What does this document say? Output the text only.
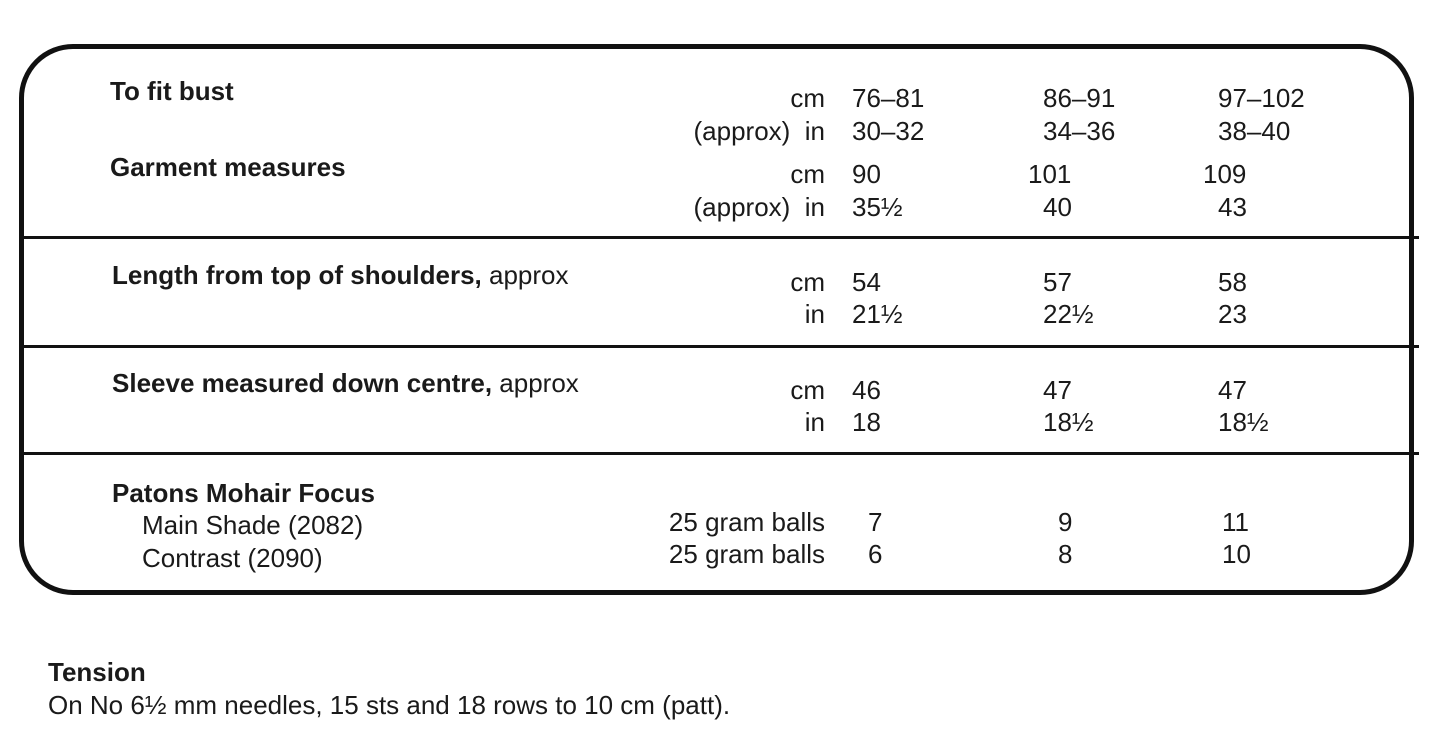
To fit bust	cm 76–81	86–91	97–102
(approx)  in 30–32	34–36	38–40
Garment measures	cm 90	101	109
(approx)  in 35½	40	43
Length from top of shoulders, approx	cm 54	57	58
in 21½	22½	23
Sleeve measured down centre, approx	cm 46	47	47
in 18	18½	18½
Patons Mohair Focus
Main Shade (2082)	25 gram balls 7	9	11
Contrast (2090)	25 gram balls 6	8	10
Tension
On No 6½ mm needles, 15 sts and 18 rows to 10 cm (patt).
